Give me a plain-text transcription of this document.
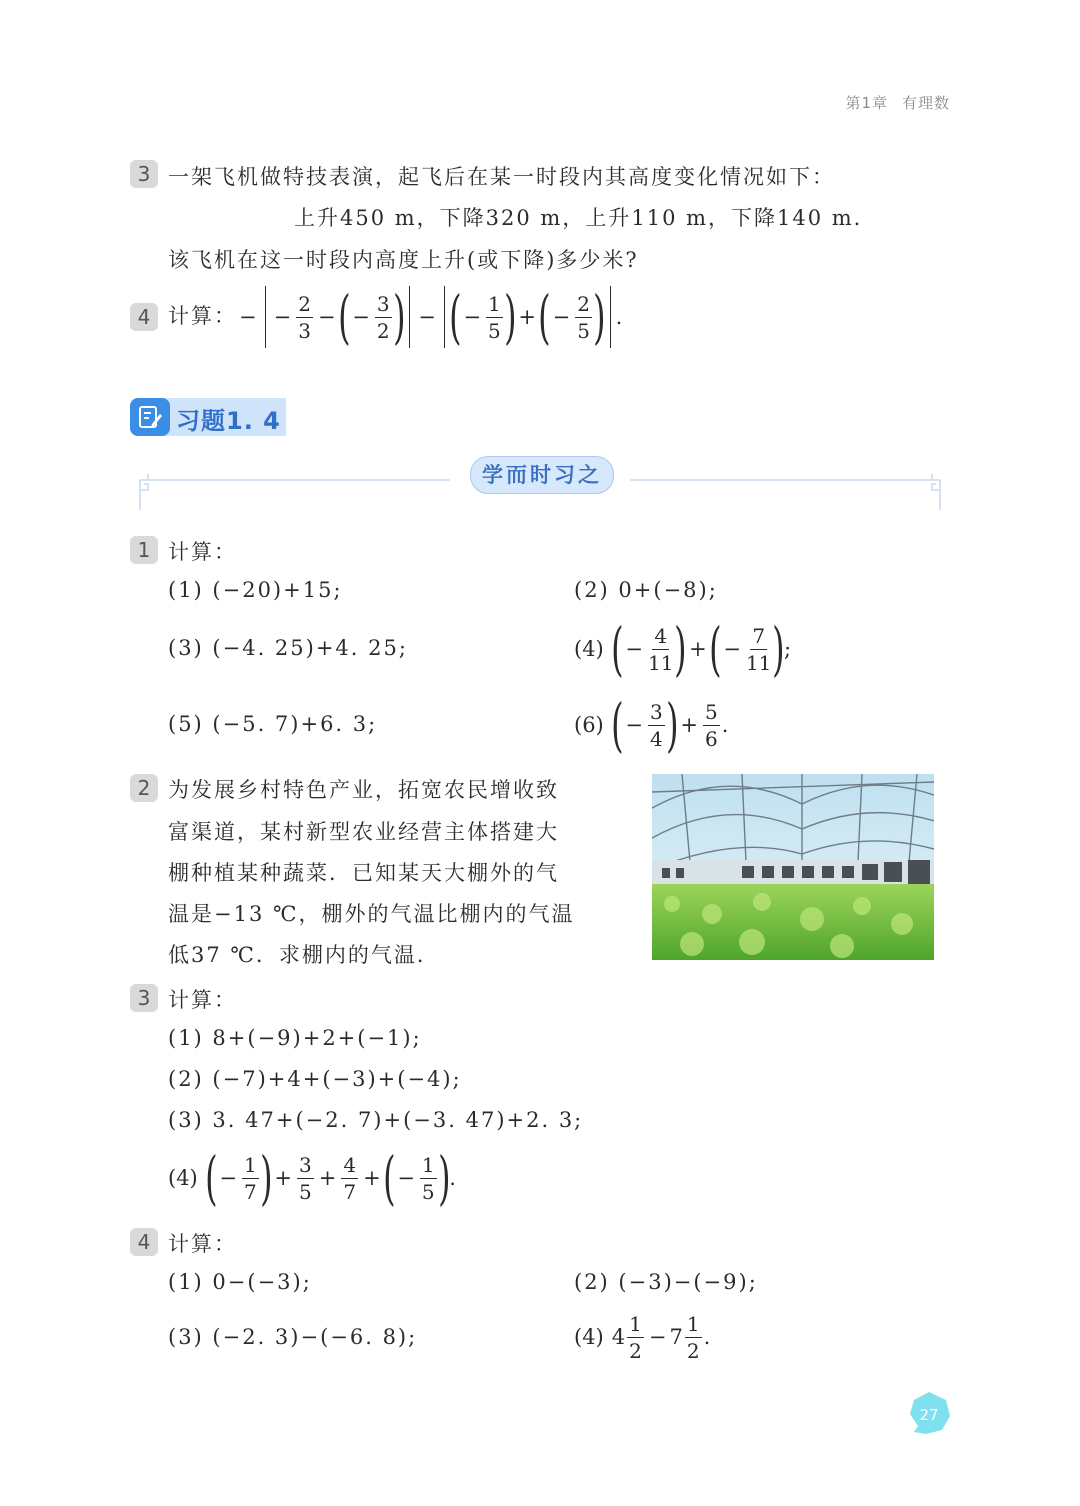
第1章 有理数
3 一架飞机做特技表演，起飞后在某一时段内其高度变化情况如下：
上升450 m，下降320 m，上升110 m，下降140 m.
该飞机在这一时段内高度上升(或下降)多少米?
4 计算： − − $\frac{2}{3}$ − ( − $\frac{3}{2}$ ) − ( − $\frac{1}{5}$ ) + ( − $\frac{2}{5}$ ) .
习题1. 4
学而时习之
1 计算：
(1) (−20)+15;	(2) 0+(−8);
(3) (−4. 25)+4. 25;	(4) ( − $\frac{4}{11}$ ) + ( − $\frac{7}{11}$ ) ;
(5) (−5. 7)+6. 3;	(6) ( − $\frac{3}{4}$ ) + $\frac{5}{6}$ .
2 为发展乡村特色产业，拓宽农民增收致
富渠道，某村新型农业经营主体搭建大
棚种植某种蔬菜．已知某天大棚外的气
温是−13 ℃，棚外的气温比棚内的气温
低37 ℃．求棚内的气温．
3 计算：
(1) 8+(−9)+2+(−1);
(2) (−7)+4+(−3)+(−4);
(3) 3. 47+(−2. 7)+(−3. 47)+2. 3;
(4) ( − $\frac{1}{7}$ ) + $\frac{3}{5} + \frac{4}{7}$ + ( − $\frac{1}{5}$ ) .
4 计算：
(1) 0−(−3);	(2) (−3)−(−9);
(3) (−2. 3)−(−6. 8);	(4) $4 \frac{1}{2} - 7 \frac{1}{2}$ .
27
